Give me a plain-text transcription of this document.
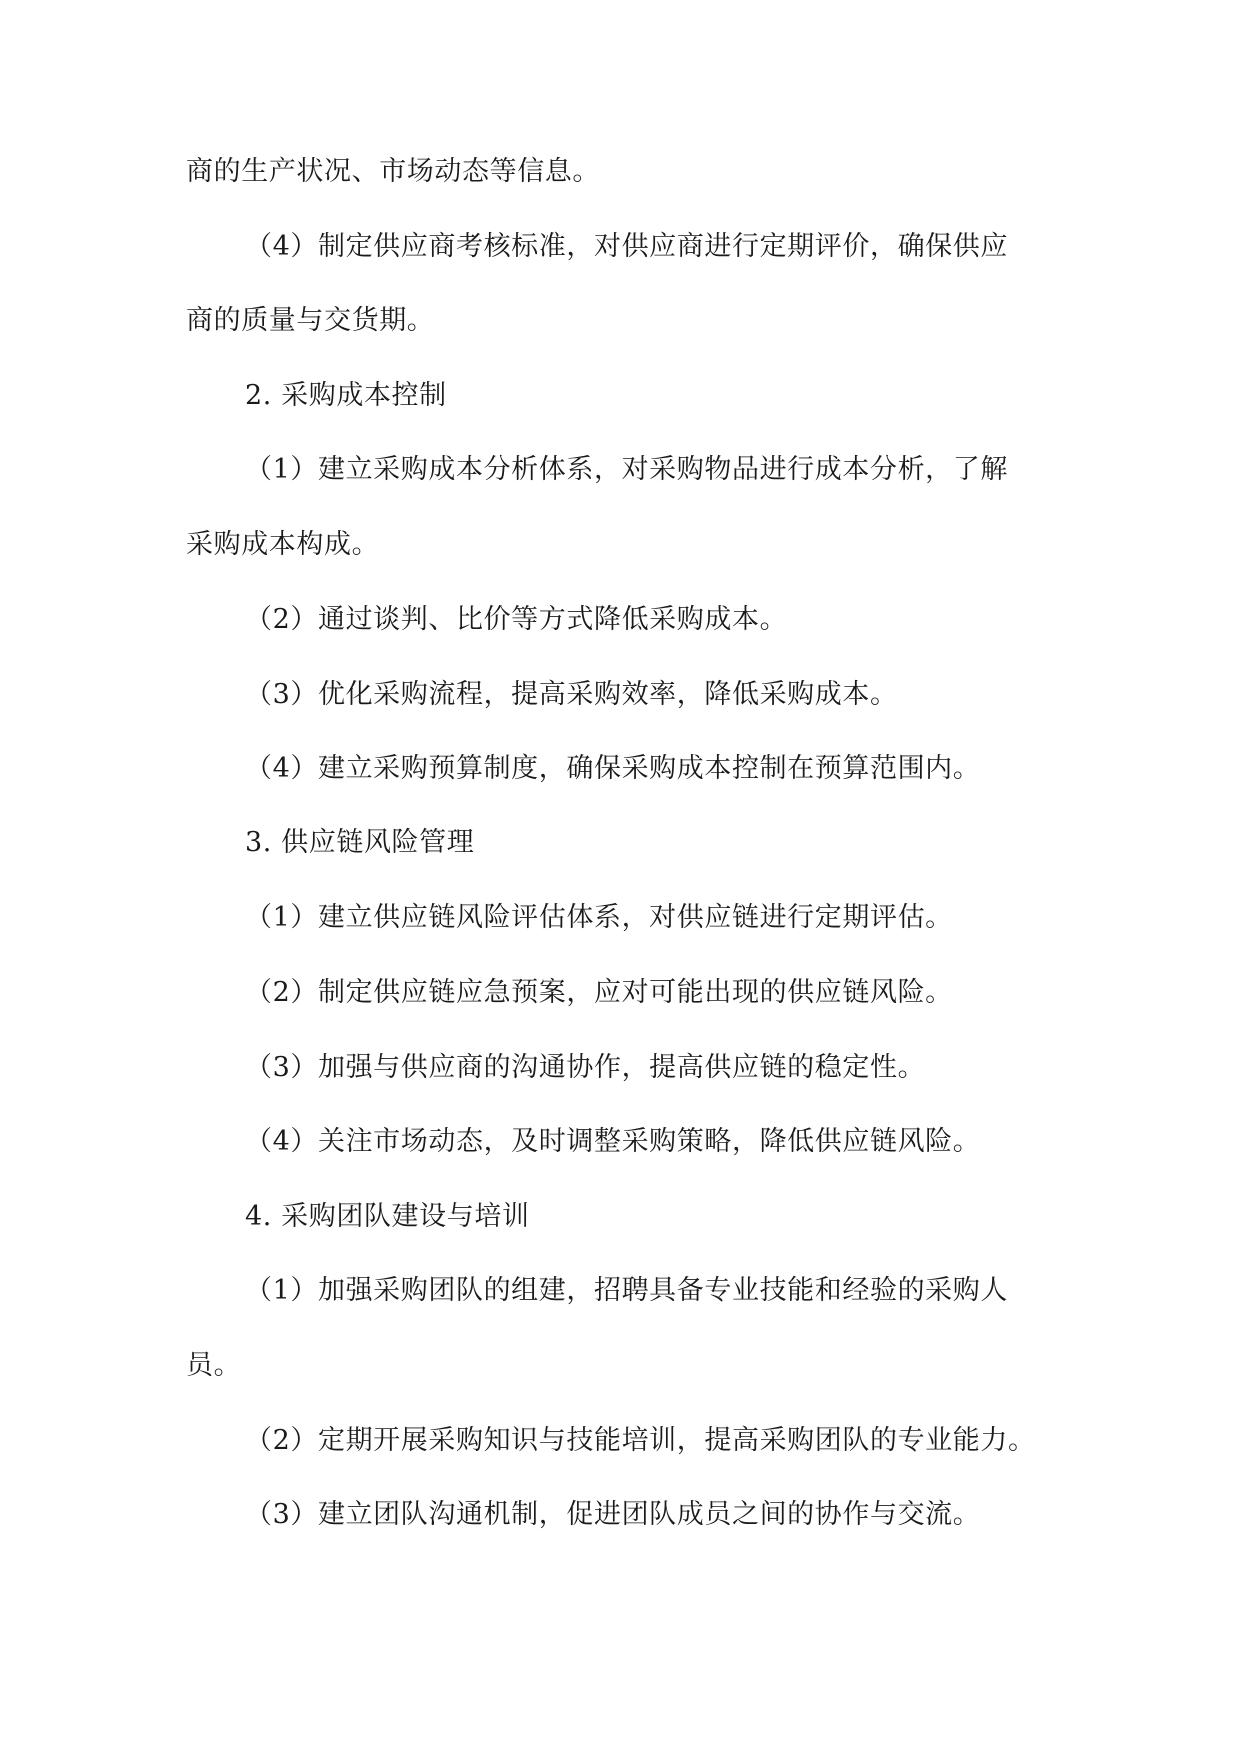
商的生产状况、市场动态等信息。
（4）制定供应商考核标准，对供应商进行定期评价，确保供应
商的质量与交货期。
2. 采购成本控制
（1）建立采购成本分析体系，对采购物品进行成本分析，了解
采购成本构成。
（2）通过谈判、比价等方式降低采购成本。
（3）优化采购流程，提高采购效率，降低采购成本。
（4）建立采购预算制度，确保采购成本控制在预算范围内。
3. 供应链风险管理
（1）建立供应链风险评估体系，对供应链进行定期评估。
（2）制定供应链应急预案，应对可能出现的供应链风险。
（3）加强与供应商的沟通协作，提高供应链的稳定性。
（4）关注市场动态，及时调整采购策略，降低供应链风险。
4. 采购团队建设与培训
（1）加强采购团队的组建，招聘具备专业技能和经验的采购人
员。
（2）定期开展采购知识与技能培训，提高采购团队的专业能力。
（3）建立团队沟通机制，促进团队成员之间的协作与交流。
